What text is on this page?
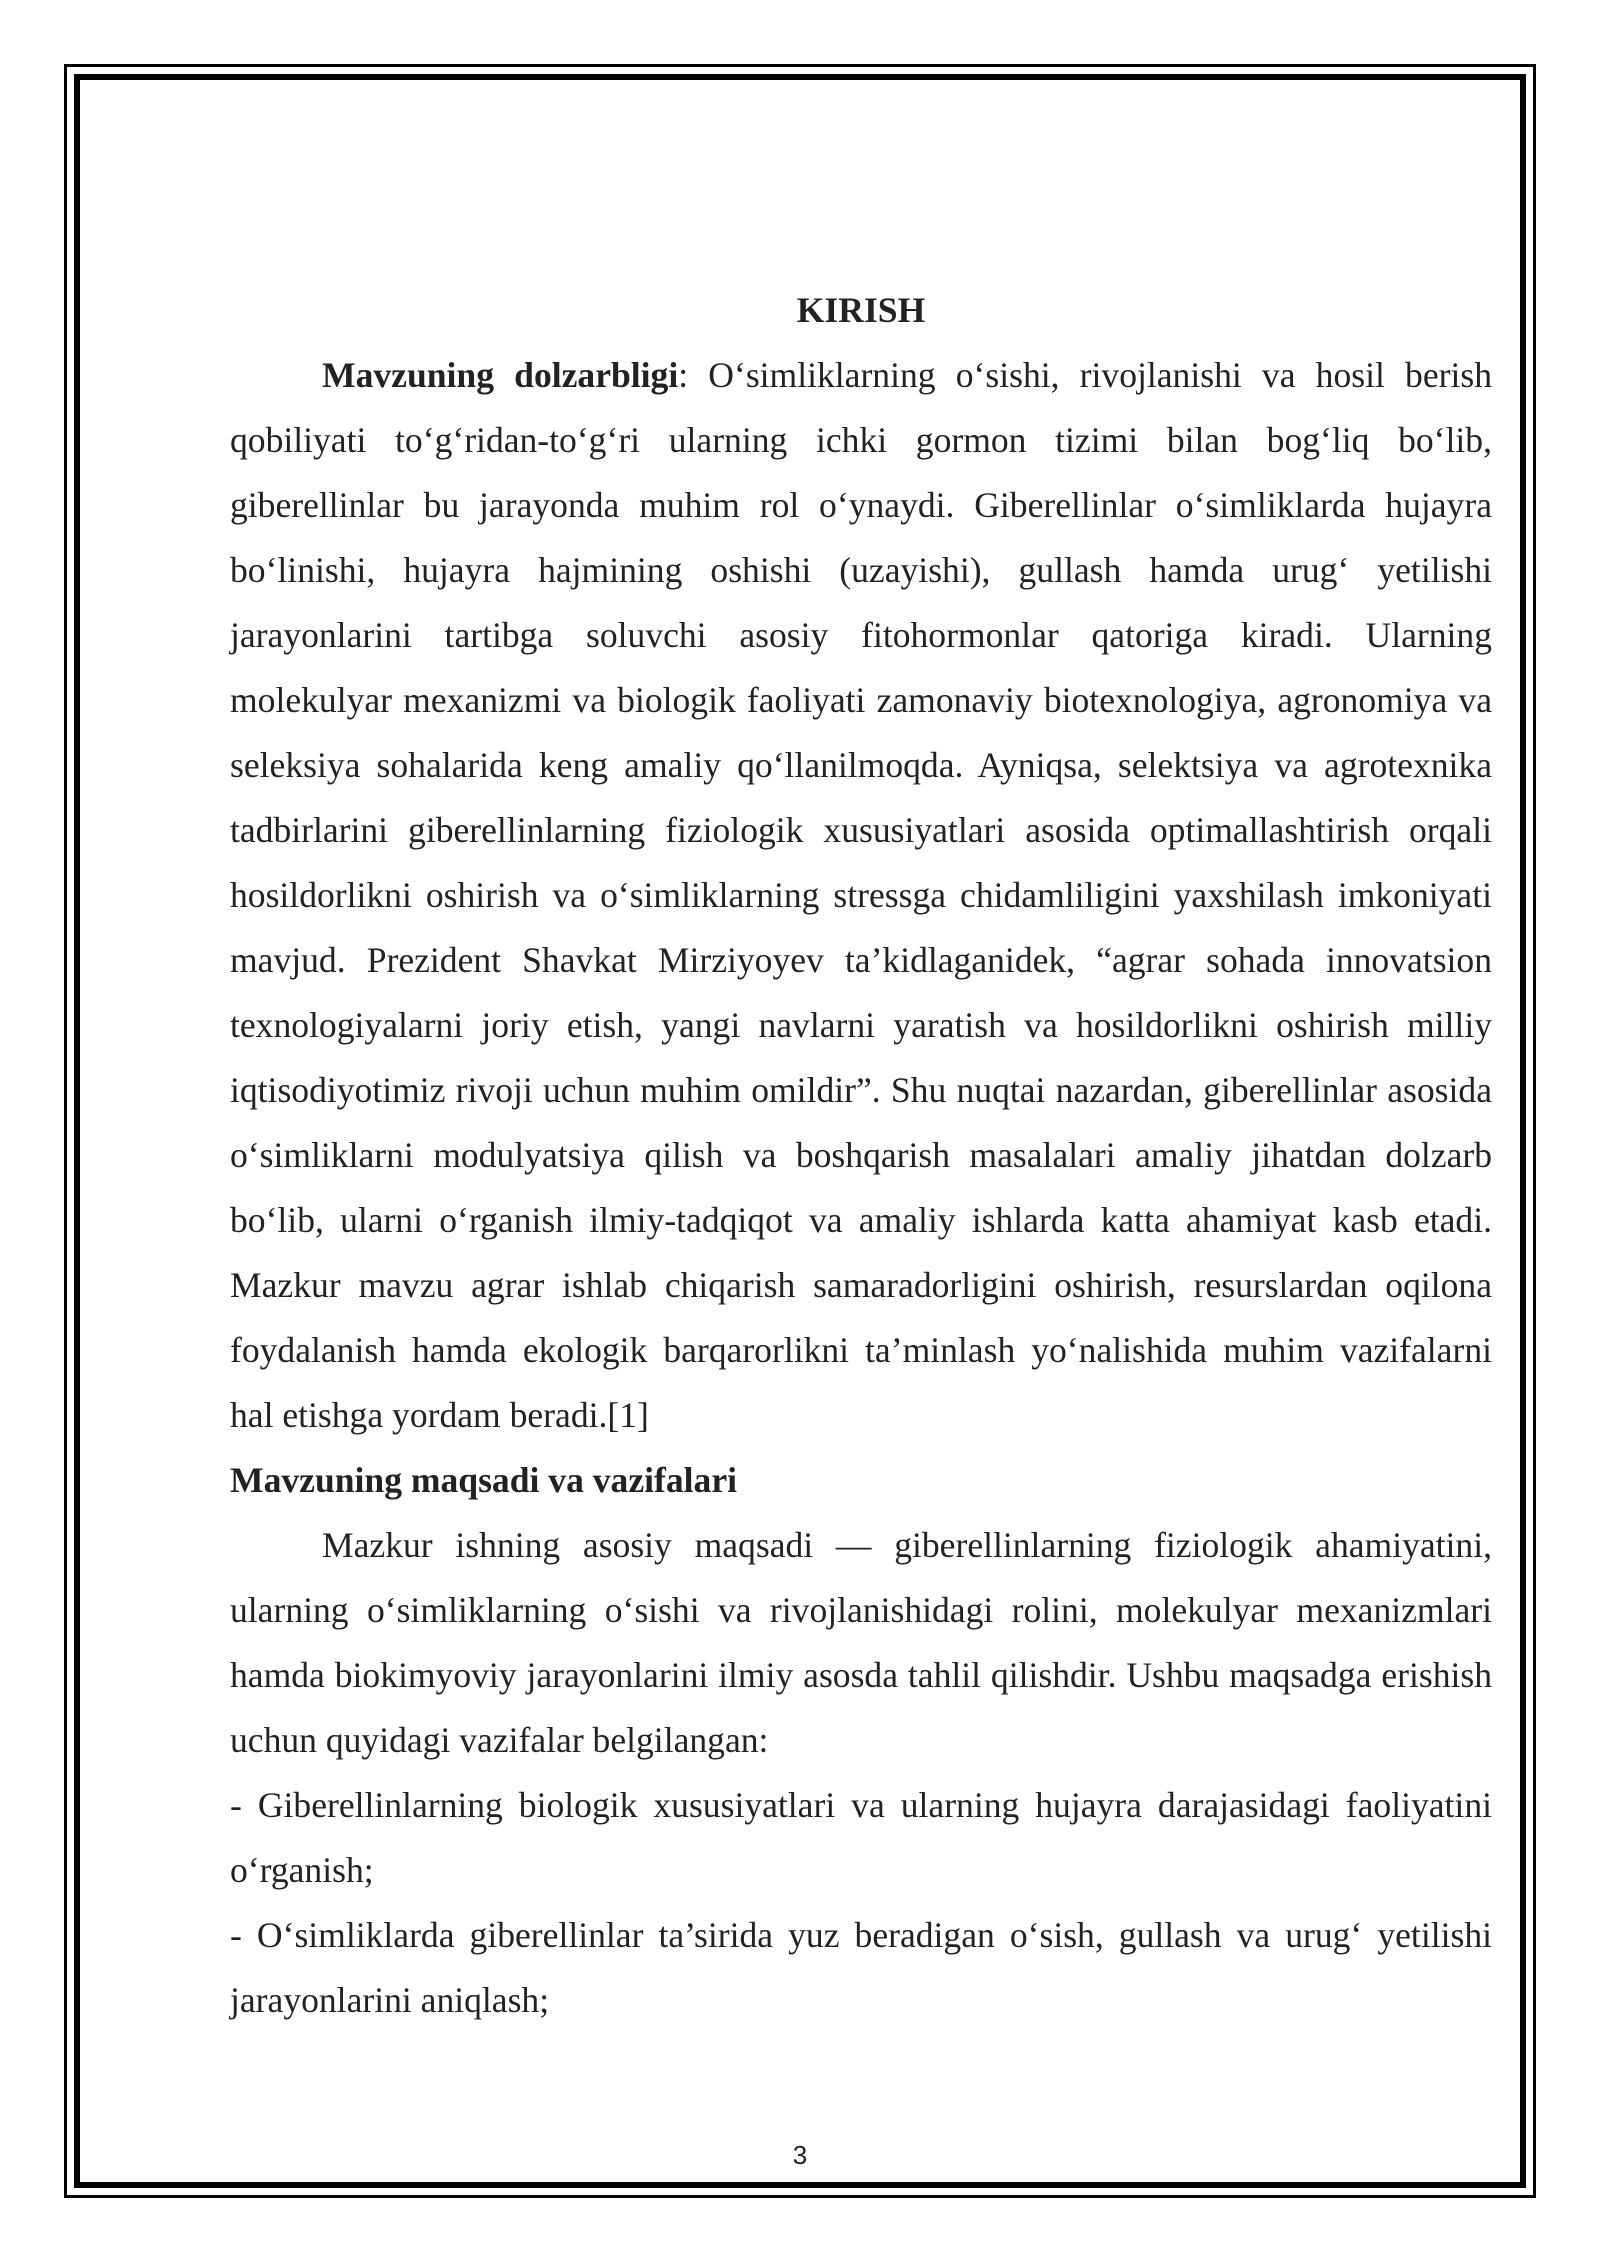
KIRISH

Mavzuning dolzarbligi: O‘simliklarning o‘sishi, rivojlanishi va hosil berish qobiliyati to‘g‘ridan-to‘g‘ri ularning ichki gormon tizimi bilan bog‘liq bo‘lib, giberellinlar bu jarayonda muhim rol o‘ynaydi. Giberellinlar o‘simliklarda hujayra bo‘linishi, hujayra hajmining oshishi (uzayishi), gullash hamda urug‘ yetilishi jarayonlarini tartibga soluvchi asosiy fitohormonlar qatoriga kiradi. Ularning molekulyar mexanizmi va biologik faoliyati zamonaviy biotexnologiya, agronomiya va seleksiya sohalarida keng amaliy qo‘llanilmoqda. Ayniqsa, selektsiya va agrotexnika tadbirlarini giberellinlarning fiziologik xususiyatlari asosida optimallashtirish orqali hosildorlikni oshirish va o‘simliklarning stressga chidamliligini yaxshilash imkoniyati mavjud. Prezident Shavkat Mirziyoyev ta’kidlaganidek, “agrar sohada innovatsion texnologiyalarni joriy etish, yangi navlarni yaratish va hosildorlikni oshirish milliy iqtisodiyotimiz rivoji uchun muhim omildir”. Shu nuqtai nazardan, giberellinlar asosida o‘simliklarni modulyatsiya qilish va boshqarish masalalari amaliy jihatdan dolzarb bo‘lib, ularni o‘rganish ilmiy-tadqiqot va amaliy ishlarda katta ahamiyat kasb etadi. Mazkur mavzu agrar ishlab chiqarish samaradorligini oshirish, resurslardan oqilona foydalanish hamda ekologik barqarorlikni ta’minlash yo‘nalishida muhim vazifalarni hal etishga yordam beradi.[1]

Mavzuning maqsadi va vazifalari

Mazkur ishning asosiy maqsadi — giberellinlarning fiziologik ahamiyatini, ularning o‘simliklarning o‘sishi va rivojlanishidagi rolini, molekulyar mexanizmlari hamda biokimyoviy jarayonlarini ilmiy asosda tahlil qilishdir. Ushbu maqsadga erishish uchun quyidagi vazifalar belgilangan:

- Giberellinlarning biologik xususiyatlari va ularning hujayra darajasidagi faoliyatini o‘rganish;

- O‘simliklarda giberellinlar ta’sirida yuz beradigan o‘sish, gullash va urug‘ yetilishi jarayonlarini aniqlash;

3
